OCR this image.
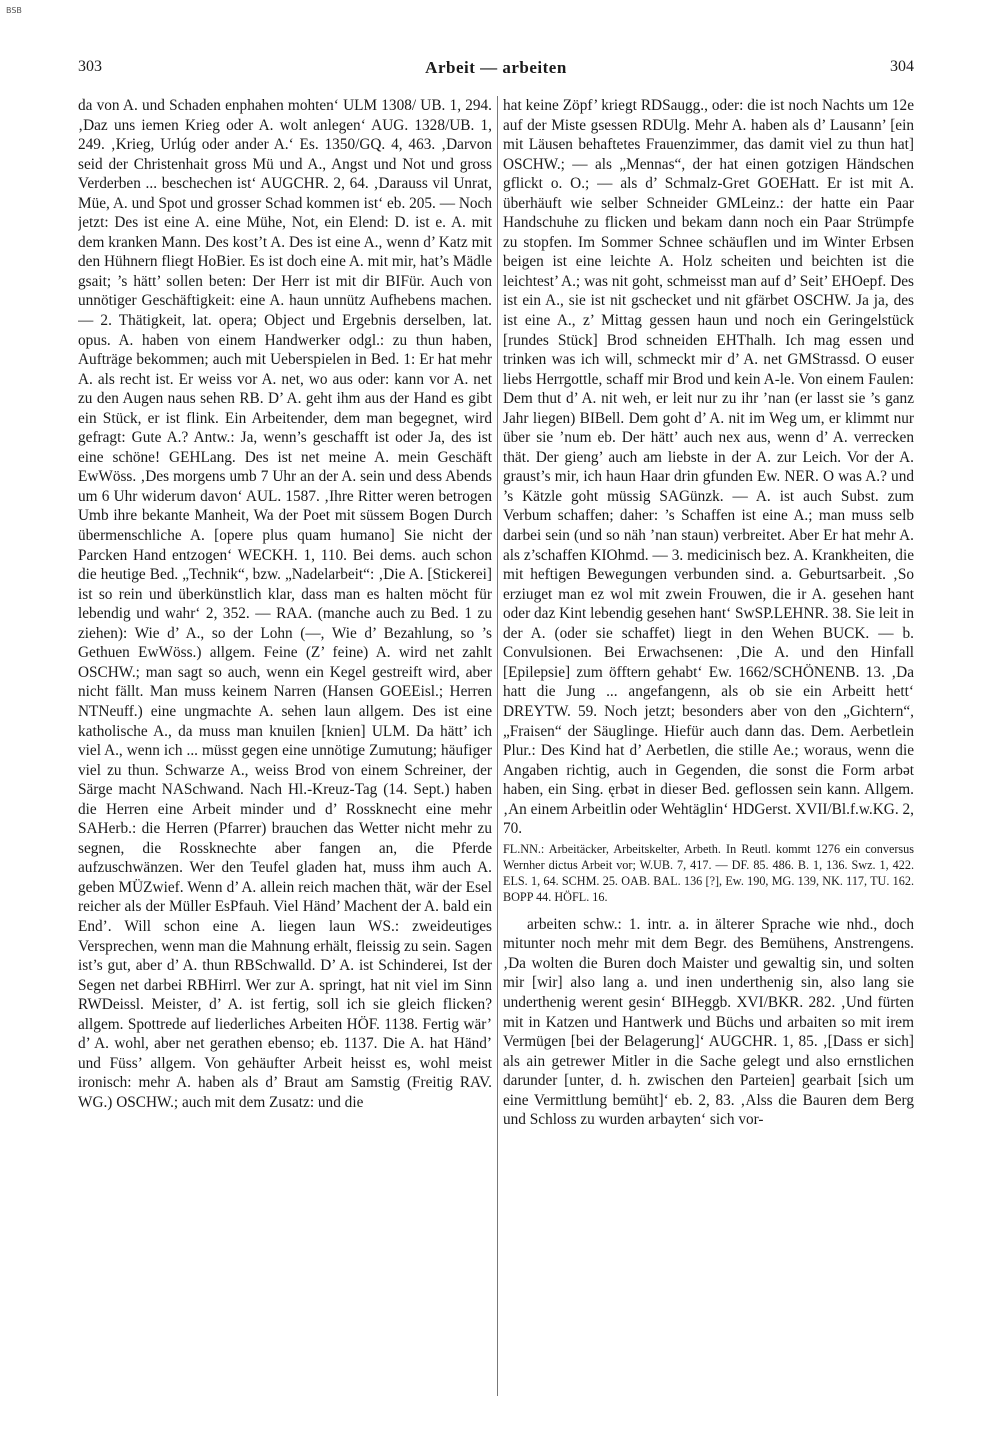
BSB
303	Arbeit — arbeiten	304

da von A. und Schaden enphahen mohten‘ ULM 1308/ UB. 1, 294. ‚Daz uns iemen Krieg oder A. wolt anlegen‘ AUG. 1328/UB. 1, 249. ‚Krieg, Urlúg oder ander A.‘ Es. 1350/GQ. 4, 463. ‚Darvon seid der Christenhait gross Mü und A., Angst und Not und gross Verderben ... beschechen ist‘ AUGCHR. 2, 64. ‚Darauss vil Unrat, Müe, A. und Spot und grosser Schad kommen ist‘ eb. 205. — Noch jetzt: Des ist eine A. eine Mühe, Not, ein Elend: D. ist e. A. mit dem kranken Mann. Des kost’t A. Des ist eine A., wenn d’ Katz mit den Hühnern fliegt HoBier. Es ist doch eine A. mit mir, hat’s Mädle gsait; ’s hätt’ sollen beten: Der Herr ist mit dir BIFür. Auch von unnötiger Geschäftigkeit: eine A. haun unnütz Aufhebens machen. — 2. Thätigkeit, lat. opera; Object und Ergebnis derselben, lat. opus. A. haben von einem Handwerker odgl.: zu thun haben, Aufträge bekommen; auch mit Ueberspielen in Bed. 1: Er hat mehr A. als recht ist. Er weiss vor A. net, wo aus oder: kann vor A. net zu den Augen naus sehen RB. D’ A. geht ihm aus der Hand es gibt ein Stück, er ist flink. Ein Arbeitender, dem man begegnet, wird gefragt: Gute A.? Antw.: Ja, wenn’s geschafft ist oder Ja, des ist eine schöne! GEHLang. Des ist net meine A. mein Geschäft EwWöss. ‚Des morgens umb 7 Uhr an der A. sein und dess Abends um 6 Uhr widerum davon‘ AUL. 1587. ‚Ihre Ritter weren betrogen Umb ihre bekante Manheit, Wa der Poet mit süssem Bogen Durch übermenschliche A. [opere plus quam humano] Sie nicht der Parcken Hand entzogen‘ WECKH. 1, 110. Bei dems. auch schon die heutige Bed. „Technik“, bzw. „Nadelarbeit“: ‚Die A. [Stickerei] ist so rein und überkünstlich klar, dass man es halten möcht für lebendig und wahr‘ 2, 352. — RAA. (manche auch zu Bed. 1 zu ziehen): Wie d’ A., so der Lohn (—, Wie d’ Bezahlung, so ’s Gethuen EwWöss.) allgem. Feine (Z’ feine) A. wird net zahlt OSCHW.; man sagt so auch, wenn ein Kegel gestreift wird, aber nicht fällt. Man muss keinem Narren (Hansen GOEEisl.; Herren NTNeuff.) eine ungmachte A. sehen laun allgem. Des ist eine katholische A., da muss man knuilen [knien] ULM. Da hätt’ ich viel A., wenn ich ... müsst gegen eine unnötige Zumutung; häufiger viel zu thun. Schwarze A., weiss Brod von einem Schreiner, der Särge macht NASchwand. Nach Hl.-Kreuz-Tag (14. Sept.) haben die Herren eine Arbeit minder und d’ Rossknecht eine mehr SAHerb.: die Herren (Pfarrer) brauchen das Wetter nicht mehr zu segnen, die Rossknechte aber fangen an, die Pferde aufzuschwänzen. Wer den Teufel gladen hat, muss ihm auch A. geben MÜZwief. Wenn d’ A. allein reich machen thät, wär der Esel reicher als der Müller EsPfauh. Viel Händ’ Machent der A. bald ein End’. Will schon eine A. liegen laun WS.: zweideutiges Versprechen, wenn man die Mahnung erhält, fleissig zu sein. Sagen ist’s gut, aber d’ A. thun RBSchwalld. D’ A. ist Schinderei, Ist der Segen net darbei RBHirrl. Wer zur A. springt, hat nit viel im Sinn RWDeissl. Meister, d’ A. ist fertig, soll ich sie gleich flicken? allgem. Spottrede auf liederliches Arbeiten HÖF. 1138. Fertig wär’ d’ A. wohl, aber net gerathen ebenso; eb. 1137. Die A. hat Händ’ und Füss’ allgem. Von gehäufter Arbeit heisst es, wohl meist ironisch: mehr A. haben als d’ Braut am Samstig (Freitig RAV. WG.) OSCHW.; auch mit dem Zusatz: und die

hat keine Zöpf’ kriegt RDSaugg., oder: die ist noch Nachts um 12e auf der Miste gsessen RDUlg. Mehr A. haben als d’ Lausann’ [ein mit Läusen behaftetes Frauenzimmer, das damit viel zu thun hat] OSCHW.; — als „Mennas“, der hat einen gotzigen Händschen gflickt o. O.; — als d’ Schmalz-Gret GOEHatt. Er ist mit A. überhäuft wie selber Schneider GMLeinz.: der hatte ein Paar Handschuhe zu flicken und bekam dann noch ein Paar Strümpfe zu stopfen. Im Sommer Schnee schäuflen und im Winter Erbsen beigen ist eine leichte A. Holz scheiten und beichten ist die leichtest’ A.; was nit goht, schmeisst man auf d’ Seit’ EHOepf. Des ist ein A., sie ist nit gschecket und nit gfärbet OSCHW. Ja ja, des ist eine A., z’ Mittag gessen haun und noch ein Geringelstück [rundes Stück] Brod schneiden EHThalh. Ich mag essen und trinken was ich will, schmeckt mir d’ A. net GMStrassd. O euser liebs Herrgottle, schaff mir Brod und kein A-le. Von einem Faulen: Dem thut d’ A. nit weh, er leit nur zu ihr ’nan (er lasst sie ’s ganz Jahr liegen) BIBell. Dem goht d’ A. nit im Weg um, er klimmt nur über sie ’num eb. Der hätt’ auch nex aus, wenn d’ A. verrecken thät. Der gieng’ auch am liebste in der A. zur Leich. Vor der A. graust’s mir, ich haun Haar drin gfunden Ew. NER. O was A.? und ’s Kätzle goht müssig SAGünzk. — A. ist auch Subst. zum Verbum schaffen; daher: ’s Schaffen ist eine A.; man muss selb darbei sein (und so näh ’nan staun) verbreitet. Aber Er hat mehr A. als z’schaffen KIOhmd. — 3. medicinisch bez. A. Krankheiten, die mit heftigen Bewegungen verbunden sind. a. Geburtsarbeit. ‚So erziuget man ez wol mit zwein Frouwen, die ir A. gesehen hant oder daz Kint lebendig gesehen hant‘ SwSP.LEHNR. 38. Sie leit in der A. (oder sie schaffet) liegt in den Wehen BUCK. — b. Convulsionen. Bei Erwachsenen: ‚Die A. und den Hinfall [Epilepsie] zum öfftern gehabt‘ Ew. 1662/SCHÖNENB. 13. ‚Da hatt die Jung ... angefangenn, als ob sie ein Arbeitt hett‘ DREYTW. 59. Noch jetzt; besonders aber von den „Gichtern“, „Fraisen“ der Säuglinge. Hiefür auch dann das. Dem. Aerbetlein Plur.: Des Kind hat d’ Aerbetlen, die stille Ae.; woraus, wenn die Angaben richtig, auch in Gegenden, die sonst die Form arbət haben, ein Sing. ęrbət in dieser Bed. geflossen sein kann. Allgem. ‚An einem Arbeitlin oder Wehtäglin‘ HDGerst. XVII/Bl.f.w.KG. 2, 70.

FL.NN.: Arbeitäcker, Arbeitskelter, Arbeth. In Reutl. kommt 1276 ein conversus Wernher dictus Arbeit vor; W.UB. 7, 417. — DF. 85. 486. B. 1, 136. Swz. 1, 422. ELS. 1, 64. SCHM. 25. OAB. BAL. 136 [?], Ew. 190, MG. 139, NK. 117, TU. 162. BOPP 44. HÖFL. 16.

arbeiten schw.: 1. intr. a. in älterer Sprache wie nhd., doch mitunter noch mehr mit dem Begr. des Bemühens, Anstrengens. ‚Da wolten die Buren doch Maister und gewaltig sin, und solten mir [wir] also lang a. und inen underthenig sin, also lang sie underthenig werent gesin‘ BIHeggb. XVI/BKR. 282. ‚Und fürten mit in Katzen und Hantwerk und Büchs und arbaiten so mit irem Vermügen [bei der Belagerung]‘ AUGCHR. 1, 85. ‚[Dass er sich] als ain getrewer Mitler in die Sache gelegt und also ernstlichen darunder [unter, d. h. zwischen den Parteien] gearbait [sich um eine Vermittlung bemüht]‘ eb. 2, 83. ‚Alss die Bauren dem Berg und Schloss zu wurden arbayten‘ sich vor-
